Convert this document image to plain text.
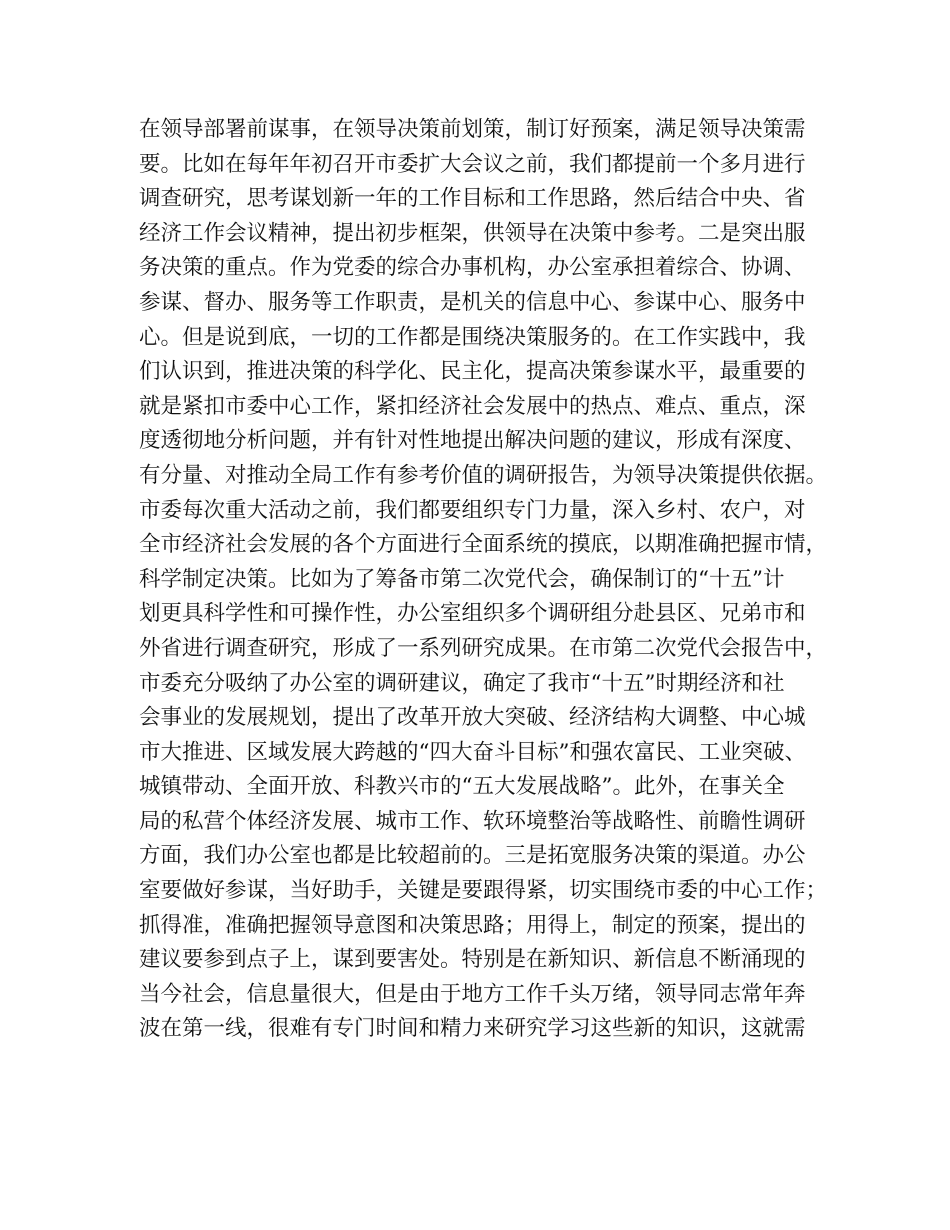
在领导部署前谋事，在领导决策前划策，制订好预案，满足领导决策需
要。比如在每年年初召开市委扩大会议之前，我们都提前一个多月进行
调查研究，思考谋划新一年的工作目标和工作思路，然后结合中央、省
经济工作会议精神，提出初步框架，供领导在决策中参考。二是突出服
务决策的重点。作为党委的综合办事机构，办公室承担着综合、协调、
参谋、督办、服务等工作职责，是机关的信息中心、参谋中心、服务中
心。但是说到底，一切的工作都是围绕决策服务的。在工作实践中，我
们认识到，推进决策的科学化、民主化，提高决策参谋水平，最重要的
就是紧扣市委中心工作，紧扣经济社会发展中的热点、难点、重点，深
度透彻地分析问题，并有针对性地提出解决问题的建议，形成有深度、
有分量、对推动全局工作有参考价值的调研报告，为领导决策提供依据。
市委每次重大活动之前，我们都要组织专门力量，深入乡村、农户，对
全市经济社会发展的各个方面进行全面系统的摸底，以期准确把握市情，
科学制定决策。比如为了筹备市第二次党代会，确保制订的“十五”计
划更具科学性和可操作性，办公室组织多个调研组分赴县区、兄弟市和
外省进行调查研究，形成了一系列研究成果。在市第二次党代会报告中，
市委充分吸纳了办公室的调研建议，确定了我市“十五”时期经济和社
会事业的发展规划，提出了改革开放大突破、经济结构大调整、中心城
市大推进、区域发展大跨越的“四大奋斗目标”和强农富民、工业突破、
城镇带动、全面开放、科教兴市的“五大发展战略”。此外，在事关全
局的私营个体经济发展、城市工作、软环境整治等战略性、前瞻性调研
方面，我们办公室也都是比较超前的。三是拓宽服务决策的渠道。办公
室要做好参谋，当好助手，关键是要跟得紧，切实围绕市委的中心工作；
抓得准，准确把握领导意图和决策思路；用得上，制定的预案，提出的
建议要参到点子上，谋到要害处。特别是在新知识、新信息不断涌现的
当今社会，信息量很大，但是由于地方工作千头万绪，领导同志常年奔
波在第一线，很难有专门时间和精力来研究学习这些新的知识，这就需
